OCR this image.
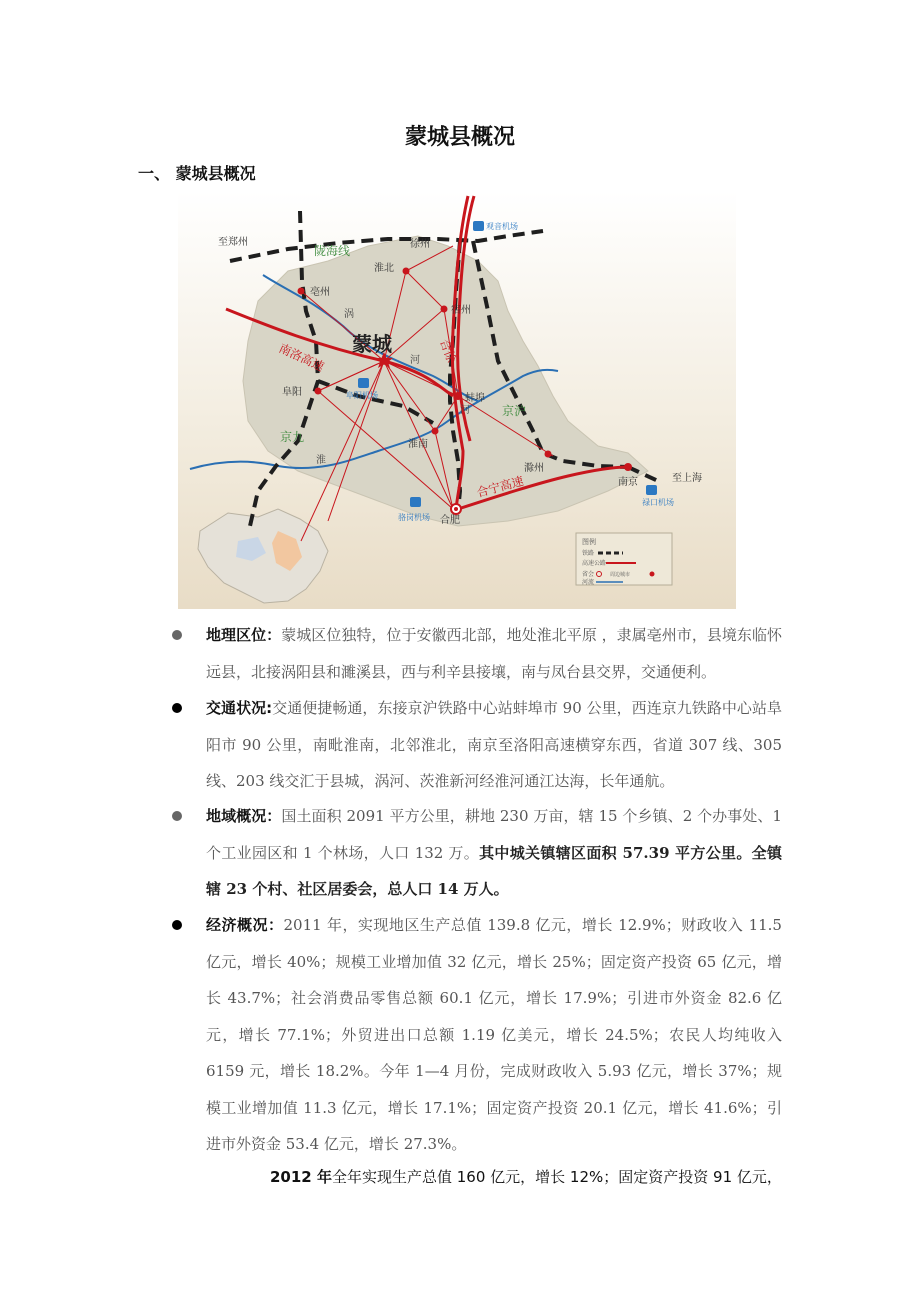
蒙城县概况
一、 蒙城县概况
至郑州	徐州
淮北
亳州
宿州
阜阳
蚌埠
淮南
滁州
南京	至上海
合肥
观音机场
阜阳机场
骆岗机场
禄口机场
蒙城
陇海线
京沪
京九
南洛高速
合宁高速
合徐
涡
河
河
淮
图例
铁路
高速公路
省会	周边城市
河流
地理区位：蒙城区位独特，位于安徽西北部，地处淮北平原 ，隶属亳州市，县境东临怀远县，北接涡阳县和濉溪县，西与利辛县接壤，南与凤台县交界，交通便利。
交通状况:交通便捷畅通，东接京沪铁路中心站蚌埠市 90 公里，西连京九铁路中心站阜阳市 90 公里，南毗淮南，北邻淮北，南京至洛阳高速横穿东西，省道 307 线、305 线、203 线交汇于县城，涡河、茨淮新河经淮河通江达海，长年通航。
地域概况：国土面积 2091 平方公里，耕地 230 万亩，辖 15 个乡镇、2 个办事处、1 个工业园区和 1 个林场，人口 132 万。其中城关镇辖区面积 57.39 平方公里。全镇辖 23 个村、社区居委会，总人口 14 万人。
经济概况：2011 年，实现地区生产总值 139.8 亿元，增长 12.9%；财政收入 11.5 亿元，增长 40%；规模工业增加值 32 亿元，增长 25%；固定资产投资 65 亿元，增长 43.7%；社会消费品零售总额 60.1 亿元，增长 17.9%；引进市外资金 82.6 亿元，增长 77.1%；外贸进出口总额 1.19 亿美元，增长 24.5%；农民人均纯收入 6159 元，增长 18.2%。今年 1—4 月份，完成财政收入 5.93 亿元，增长 37%；规模工业增加值 11.3 亿元，增长 17.1%；固定资产投资 20.1 亿元，增长 41.6%；引进市外资金 53.4 亿元，增长 27.3%。
2012 年全年实现生产总值 160 亿元，增长 12%；固定资产投资 91 亿元，
